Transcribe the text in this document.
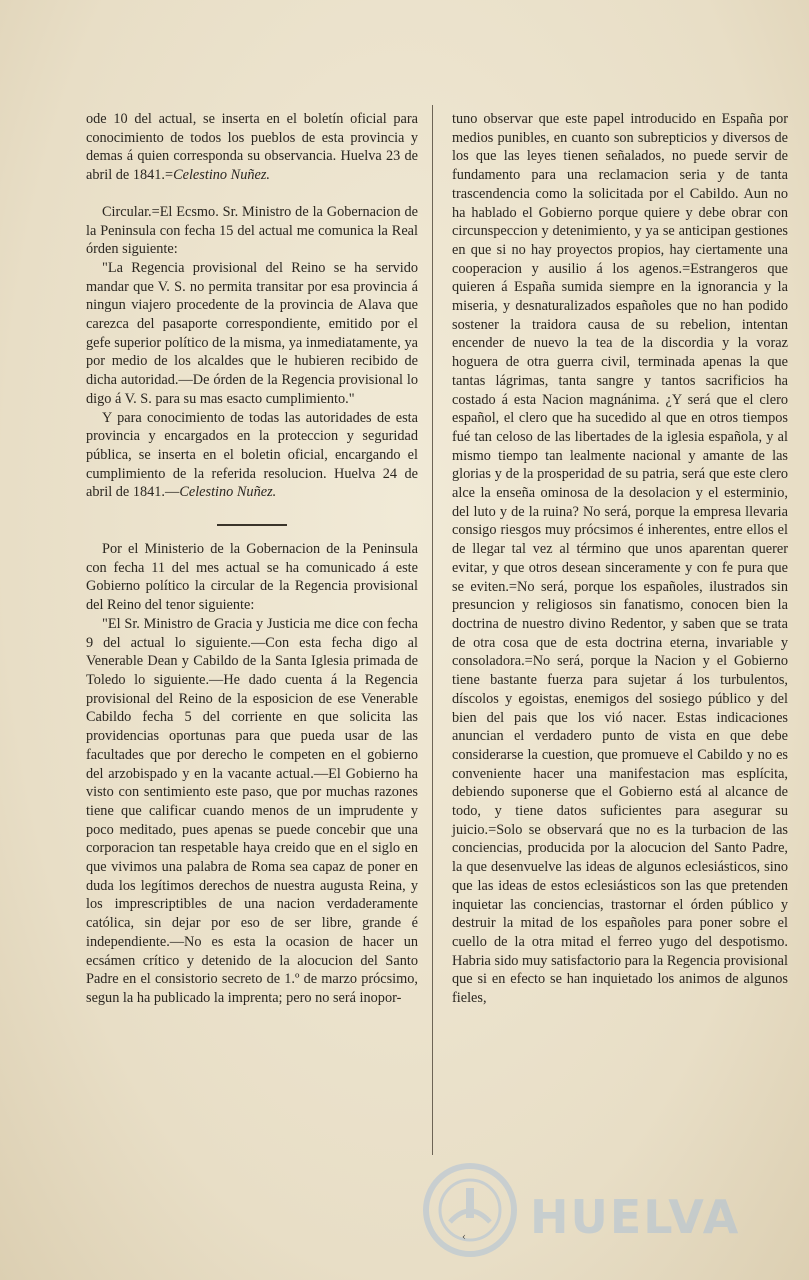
ode 10 del actual, se inserta en el boletín oficial para conocimiento de todos los pueblos de esta provincia y demas á quien corresponda su observancia. Huelva 23 de abril de 1841.=Celestino Nuñez.

Circular.=El Ecsmo. Sr. Ministro de la Gobernacion de la Peninsula con fecha 15 del actual me comunica la Real órden siguiente:

"La Regencia provisional del Reino se ha servido mandar que V. S. no permita transitar por esa provincia á ningun viajero procedente de la provincia de Alava que carezca del pasaporte correspondiente, emitido por el gefe superior político de la misma, ya inmediatamente, ya por medio de los alcaldes que le hubieren recibido de dicha autoridad.—De órden de la Regencia provisional lo digo á V. S. para su mas esacto cumplimiento."

Y para conocimiento de todas las autoridades de esta provincia y encargados en la proteccion y seguridad pública, se inserta en el boletin oficial, encargando el cumplimiento de la referida resolucion. Huelva 24 de abril de 1841.—Celestino Nuñez.

Por el Ministerio de la Gobernacion de la Peninsula con fecha 11 del mes actual se ha comunicado á este Gobierno político la circular de la Regencia provisional del Reino del tenor siguiente:

"El Sr. Ministro de Gracia y Justicia me dice con fecha 9 del actual lo siguiente.—Con esta fecha digo al Venerable Dean y Cabildo de la Santa Iglesia primada de Toledo lo siguiente.—He dado cuenta á la Regencia provisional del Reino de la esposicion de ese Venerable Cabildo fecha 5 del corriente en que solicita las providencias oportunas para que pueda usar de las facultades que por derecho le competen en el gobierno del arzobispado y en la vacante actual.—El Gobierno ha visto con sentimiento este paso, que por muchas razones tiene que calificar cuando menos de un imprudente y poco meditado, pues apenas se puede concebir que una corporacion tan respetable haya creido que en el siglo en que vivimos una palabra de Roma sea capaz de poner en duda los legítimos derechos de nuestra augusta Reina, y los imprescriptibles de una nacion verdaderamente católica, sin dejar por eso de ser libre, grande é independiente.—No es esta la ocasion de hacer un ecsámen crítico y detenido de la alocucion del Santo Padre en el consistorio secreto de 1.º de marzo prócsimo, segun la ha publicado la imprenta; pero no será inopor-

tuno observar que este papel introducido en España por medios punibles, en cuanto son subrepticios y diversos de los que las leyes tienen señalados, no puede servir de fundamento para una reclamacion seria y de tanta trascendencia como la solicitada por el Cabildo. Aun no ha hablado el Gobierno porque quiere y debe obrar con circunspeccion y detenimiento, y ya se anticipan gestiones en que si no hay proyectos propios, hay ciertamente una cooperacion y ausilio á los agenos.=Estrangeros que quieren á España sumida siempre en la ignorancia y la miseria, y desnaturalizados españoles que no han podido sostener la traidora causa de su rebelion, intentan encender de nuevo la tea de la discordia y la voraz hoguera de otra guerra civil, terminada apenas la que tantas lágrimas, tanta sangre y tantos sacrificios ha costado á esta Nacion magnánima. ¿Y será que el clero español, el clero que ha sucedido al que en otros tiempos fué tan celoso de las libertades de la iglesia española, y al mismo tiempo tan lealmente nacional y amante de las glorias y de la prosperidad de su patria, será que este clero alce la enseña ominosa de la desolacion y el esterminio, del luto y de la ruina? No será, porque la empresa llevaria consigo riesgos muy prócsimos é inherentes, entre ellos el de llegar tal vez al término que unos aparentan querer evitar, y que otros desean sinceramente y con fe pura que se eviten.=No será, porque los españoles, ilustrados sin presuncion y religiosos sin fanatismo, conocen bien la doctrina de nuestro divino Redentor, y saben que se trata de otra cosa que de esta doctrina eterna, invariable y consoladora.=No será, porque la Nacion y el Gobierno tiene bastante fuerza para sujetar á los turbulentos, díscolos y egoistas, enemigos del sosiego público y del bien del pais que los vió nacer. Estas indicaciones anuncian el verdadero punto de vista en que debe considerarse la cuestion, que promueve el Cabildo y no es conveniente hacer una manifestacion mas esplícita, debiendo suponerse que el Gobierno está al alcance de todo, y tiene datos suficientes para asegurar su juicio.=Solo se observará que no es la turbacion de las conciencias, producida por la alocucion del Santo Padre, la que desenvuelve las ideas de algunos eclesiásticos, sino que las ideas de estos eclesiásticos son las que pretenden inquietar las conciencias, trastornar el órden público y destruir la mitad de los españoles para poner sobre el cuello de la otra mitad el ferreo yugo del despotismo. Habria sido muy satisfactorio para la Regencia provisional que si en efecto se han inquietado los animos de algunos fieles,

HUELVA
‹
